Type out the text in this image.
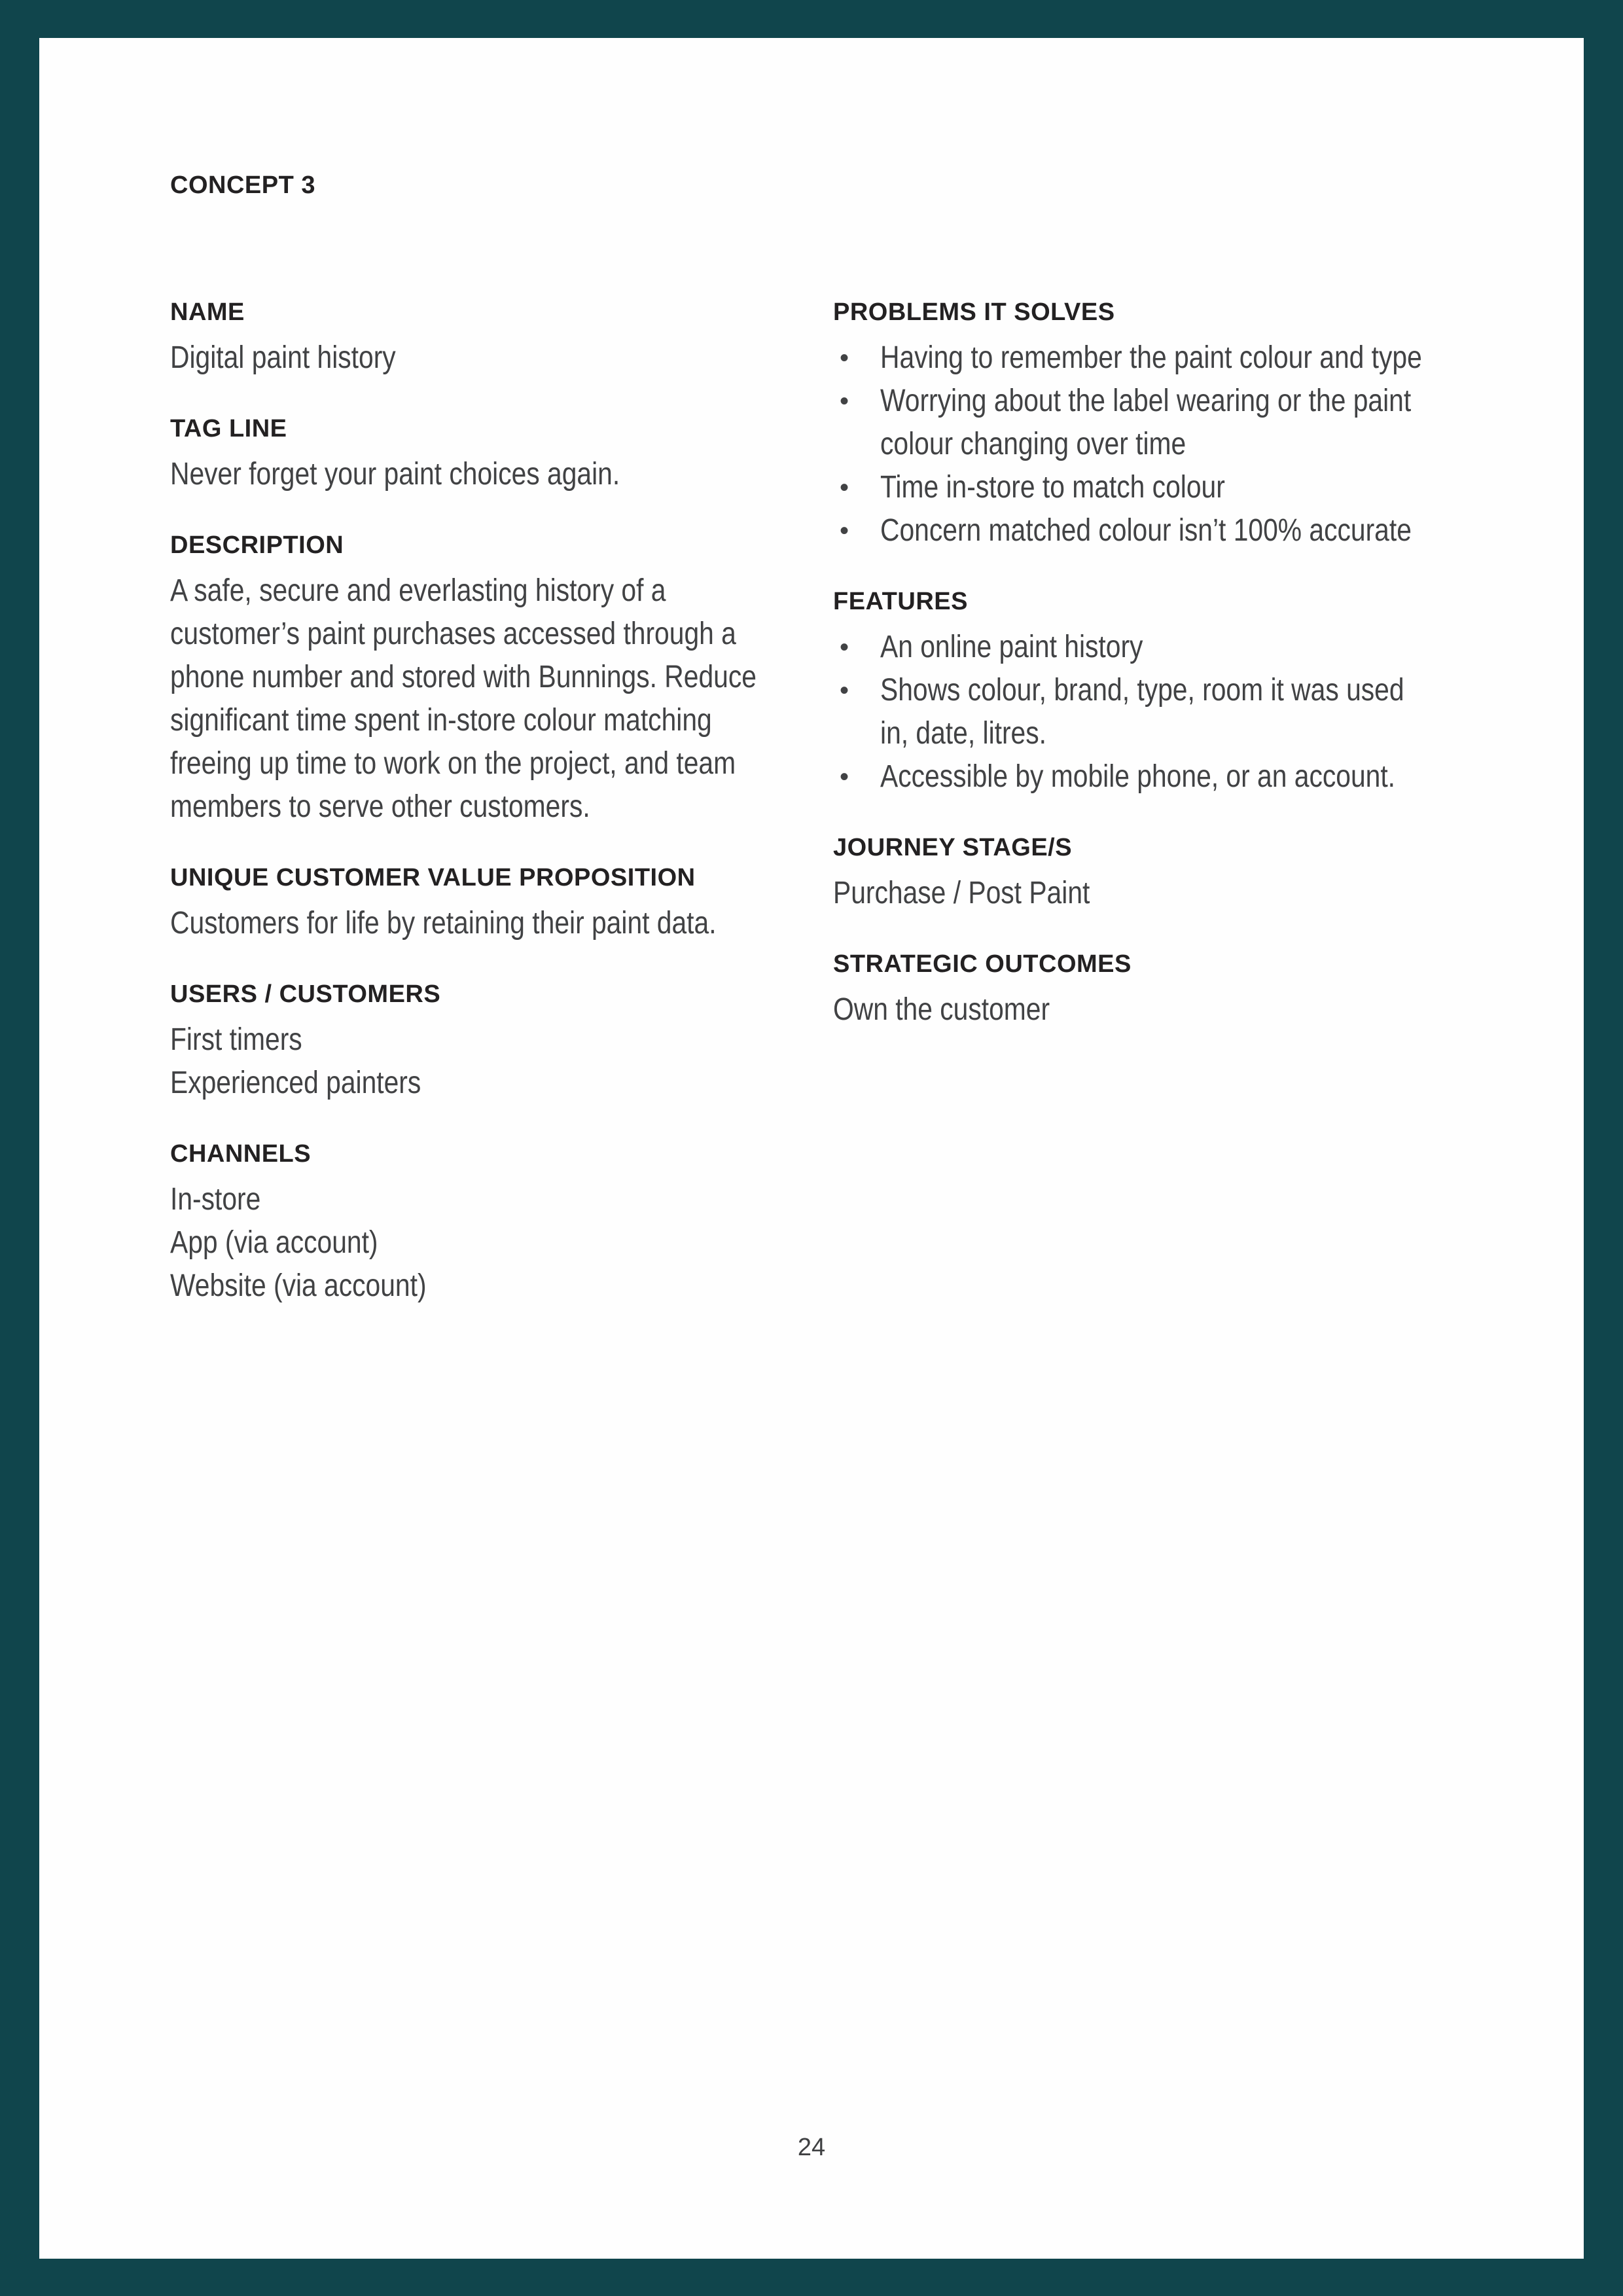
CONCEPT 3
NAME
Digital paint history
TAG LINE
Never forget your paint choices again.
DESCRIPTION
A safe, secure and everlasting history of a
customer’s paint purchases accessed through a
phone number and stored with Bunnings. Reduce
significant time spent in-store colour matching
freeing up time to work on the project, and team
members to serve other customers.
UNIQUE CUSTOMER VALUE PROPOSITION
Customers for life by retaining their paint data.
USERS / CUSTOMERS
First timers
Experienced painters
CHANNELS
In-store
App (via account)
Website (via account)
PROBLEMS IT SOLVES
• Having to remember the paint colour and type
• Worrying about the label wearing or the paint
colour changing over time
• Time in-store to match colour
• Concern matched colour isn’t 100% accurate
FEATURES
• An online paint history
• Shows colour, brand, type, room it was used
in, date, litres.
• Accessible by mobile phone, or an account.
JOURNEY STAGE/S
Purchase / Post Paint
STRATEGIC OUTCOMES
Own the customer
24
